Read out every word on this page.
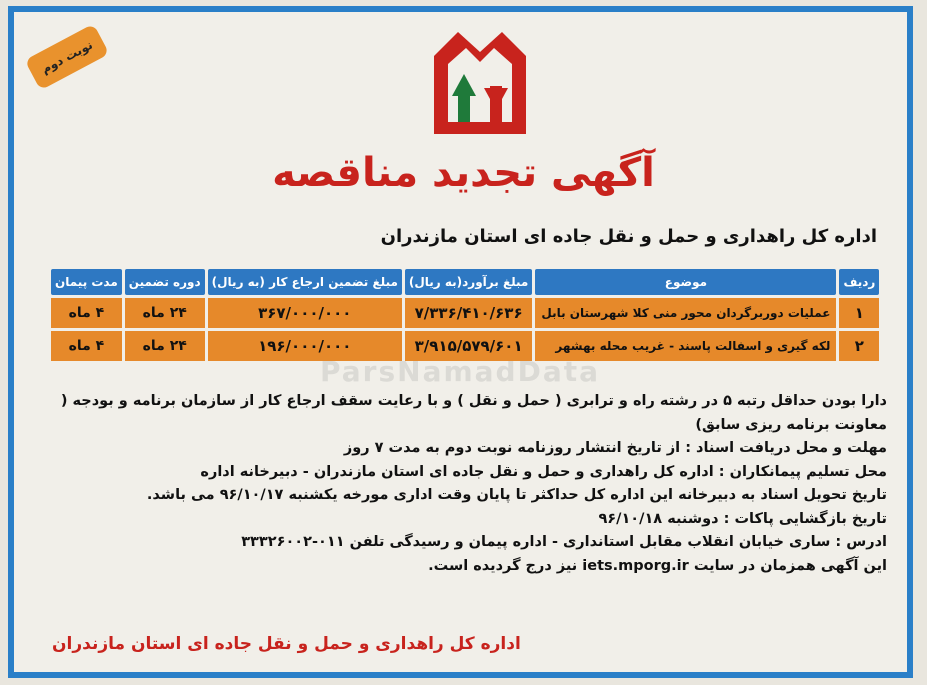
نوبت دوم
آگهی تجدید مناقصه
اداره کل راهداری و حمل و نقل جاده ای استان مازندران
ردیف	موضوع	مبلغ برآورد(به ریال)	مبلغ تضمین ارجاع کار (به ریال)	دوره تضمین	مدت پیمان
۱	عملیات دوربرگردان محور منی کلا شهرستان بابل	۷/۳۳۶/۴۱۰/۶۳۶	۳۶۷/۰۰۰/۰۰۰	۲۴ ماه	۴ ماه
۲	لکه گیری و اسفالت پاسند - غریب محله بهشهر	۳/۹۱۵/۵۷۹/۶۰۱	۱۹۶/۰۰۰/۰۰۰	۲۴ ماه	۴ ماه

دارا بودن حداقل رتبه ۵ در رشته راه و ترابری ( حمل و نقل ) و با رعایت سقف ارجاع کار از سازمان برنامه و بودجه ( معاونت برنامه ریزی سابق)

مهلت و محل دریافت اسناد : از تاریخ انتشار روزنامه نوبت دوم به مدت ۷ روز

محل تسلیم پیمانکاران : اداره کل راهداری و حمل و نقل جاده ای استان مازندران - دبیرخانه اداره

تاریخ تحویل اسناد به دبیرخانه این اداره کل حداکثر تا پایان وقت اداری مورخه یکشنبه ۹۶/۱۰/۱۷ می باشد.

تاریخ بازگشایی پاکات : دوشنبه ۹۶/۱۰/۱۸

ادرس : ساری خیابان انقلاب مقابل استانداری - اداره پیمان و رسیدگی تلفن ۰۱۱-۳۳۳۲۶۰۰۲

این آگهی همزمان در سایت iets.mporg.ir نیز درج گردیده است.

اداره کل راهداری و حمل و نقل جاده ای استان مازندران
